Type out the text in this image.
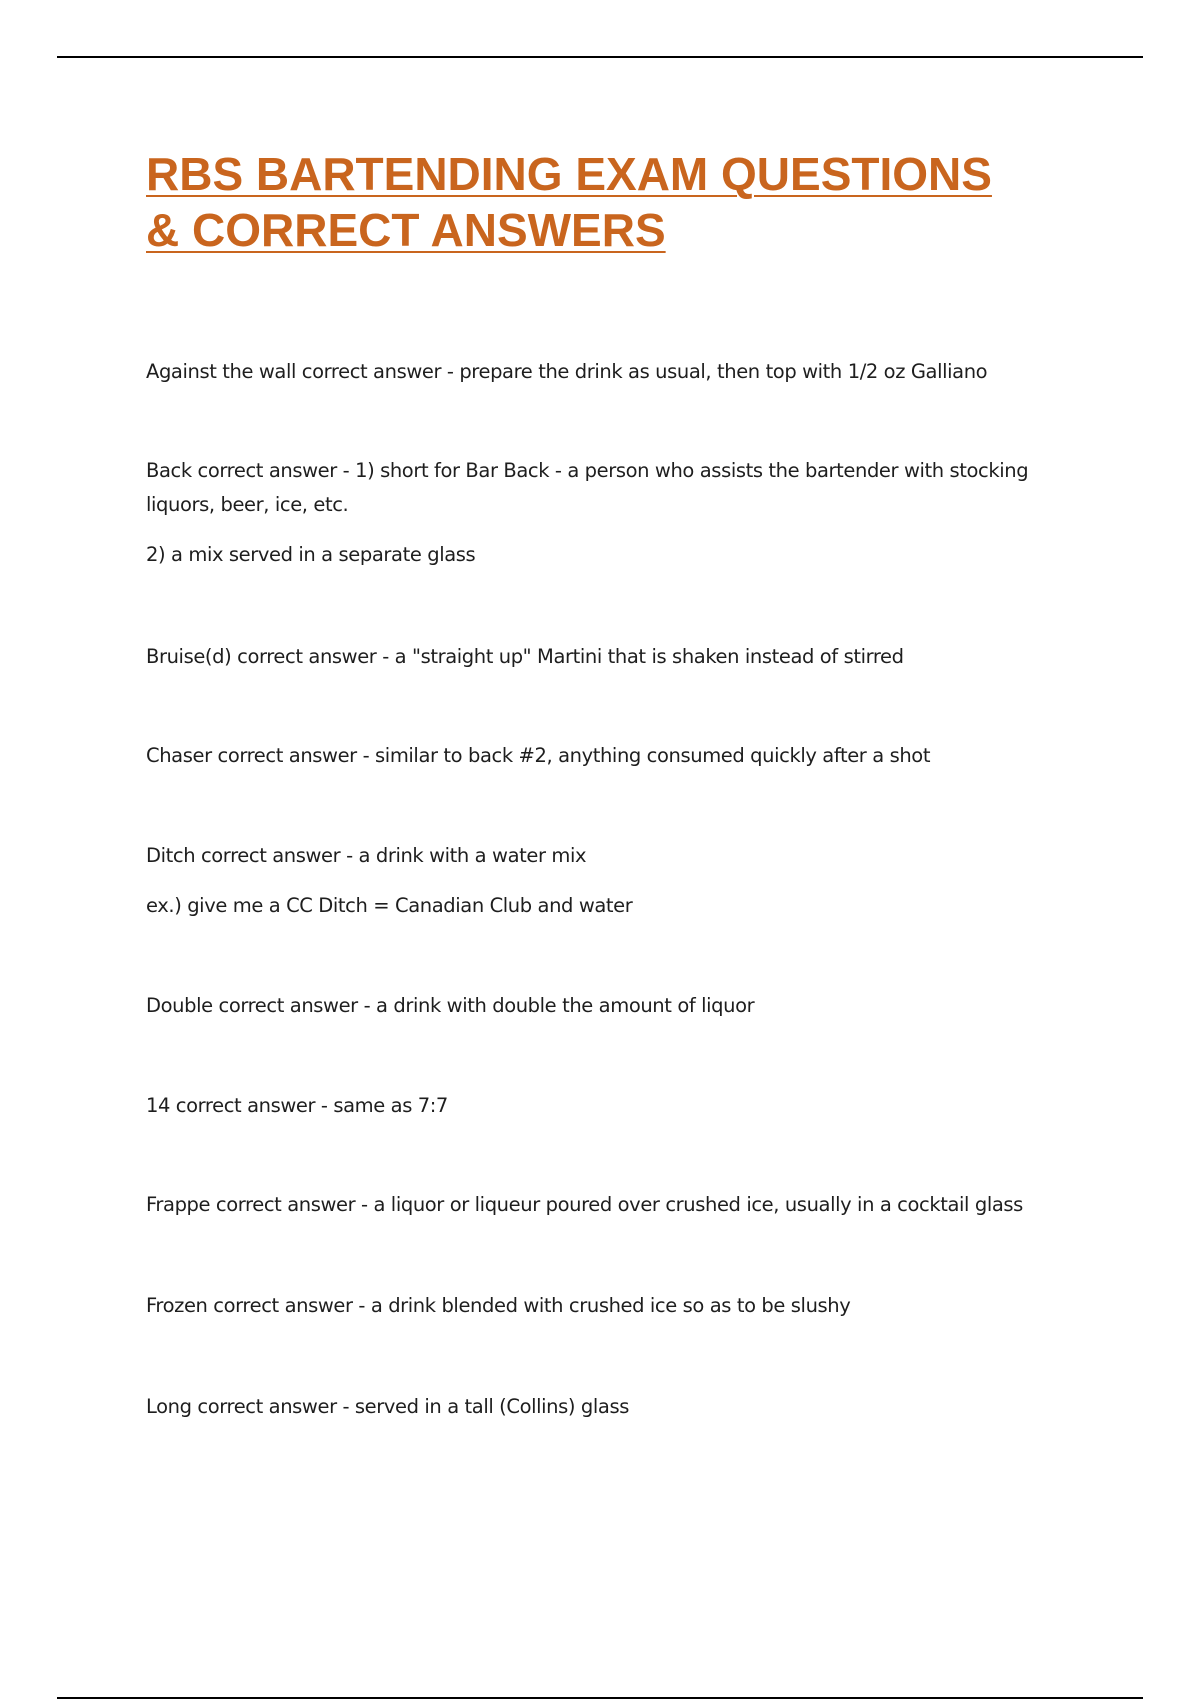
RBS BARTENDING EXAM QUESTIONS
& CORRECT ANSWERS

Against the wall correct answer - prepare the drink as usual, then top with 1/2 oz Galliano

Back correct answer - 1) short for Bar Back - a person who assists the bartender with stocking liquors, beer, ice, etc.

2) a mix served in a separate glass

Bruise(d) correct answer - a "straight up" Martini that is shaken instead of stirred

Chaser correct answer - similar to back #2, anything consumed quickly after a shot

Ditch correct answer - a drink with a water mix

ex.) give me a CC Ditch = Canadian Club and water

Double correct answer - a drink with double the amount of liquor

14 correct answer - same as 7:7

Frappe correct answer - a liquor or liqueur poured over crushed ice, usually in a cocktail glass

Frozen correct answer - a drink blended with crushed ice so as to be slushy

Long correct answer - served in a tall (Collins) glass
